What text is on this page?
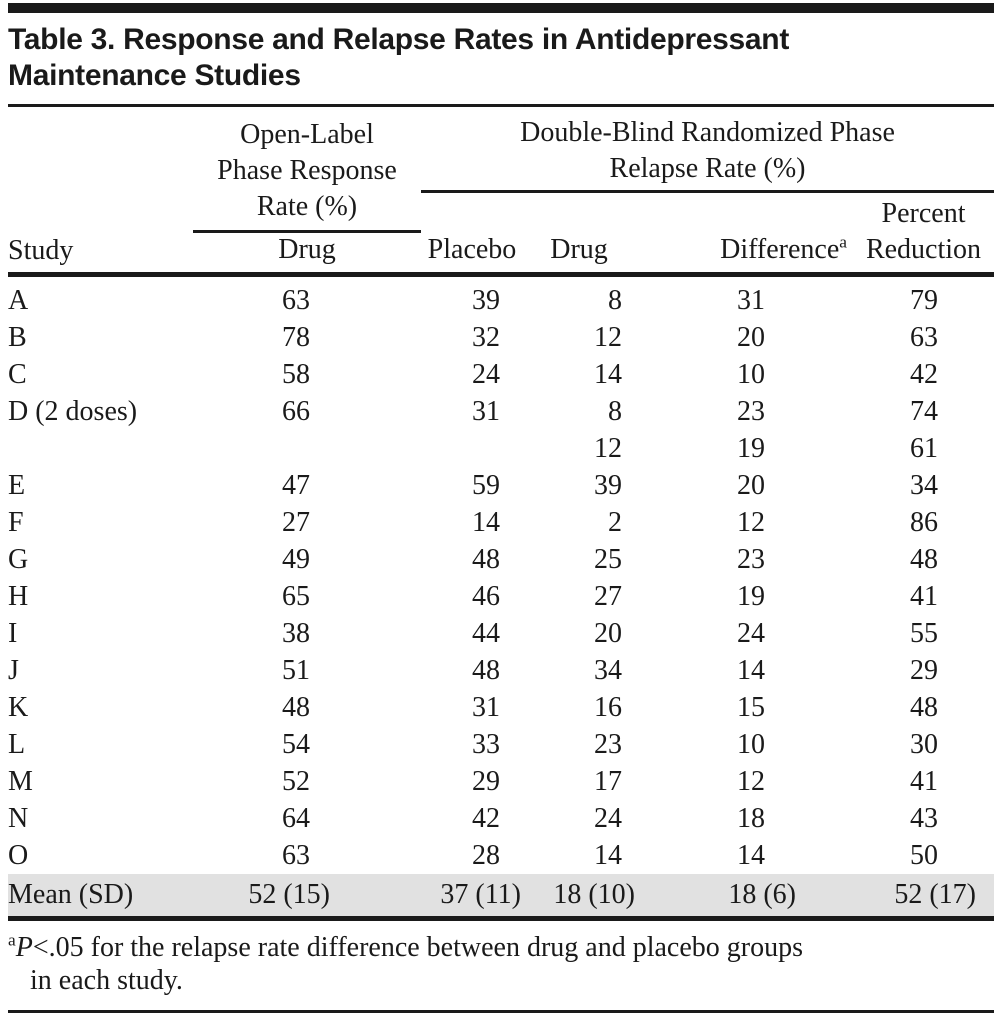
Table 3. Response and Relapse Rates in Antidepressant Maintenance Studies
Study	Open-Label
Phase Response
Rate (%)	Double-Blind Randomized Phase
Relapse Rate (%)			

					Percent
	Drug	Placebo	Drug	Difference$^a$	Reduction
A	63	39	8	31	79
B	78	32	12	20	63
C	58	24	14	10	42
D (2 doses)	66	31	8	23	74
			12	19	61
E	47	59	39	20	34
F	27	14	2	12	86
G	49	48	25	23	48
H	65	46	27	19	41
I	38	44	20	24	55
J	51	48	34	14	29
K	48	31	16	15	48
L	54	33	23	10	30
M	52	29	17	12	41
N	64	42	24	18	43
O	63	28	14	14	50
Mean (SD)	52 (15)	37 (11)	18 (10)	18 (6)	52 (17)
$^a$P<.05 for the relapse rate difference between drug and placebo groups
in each study.
